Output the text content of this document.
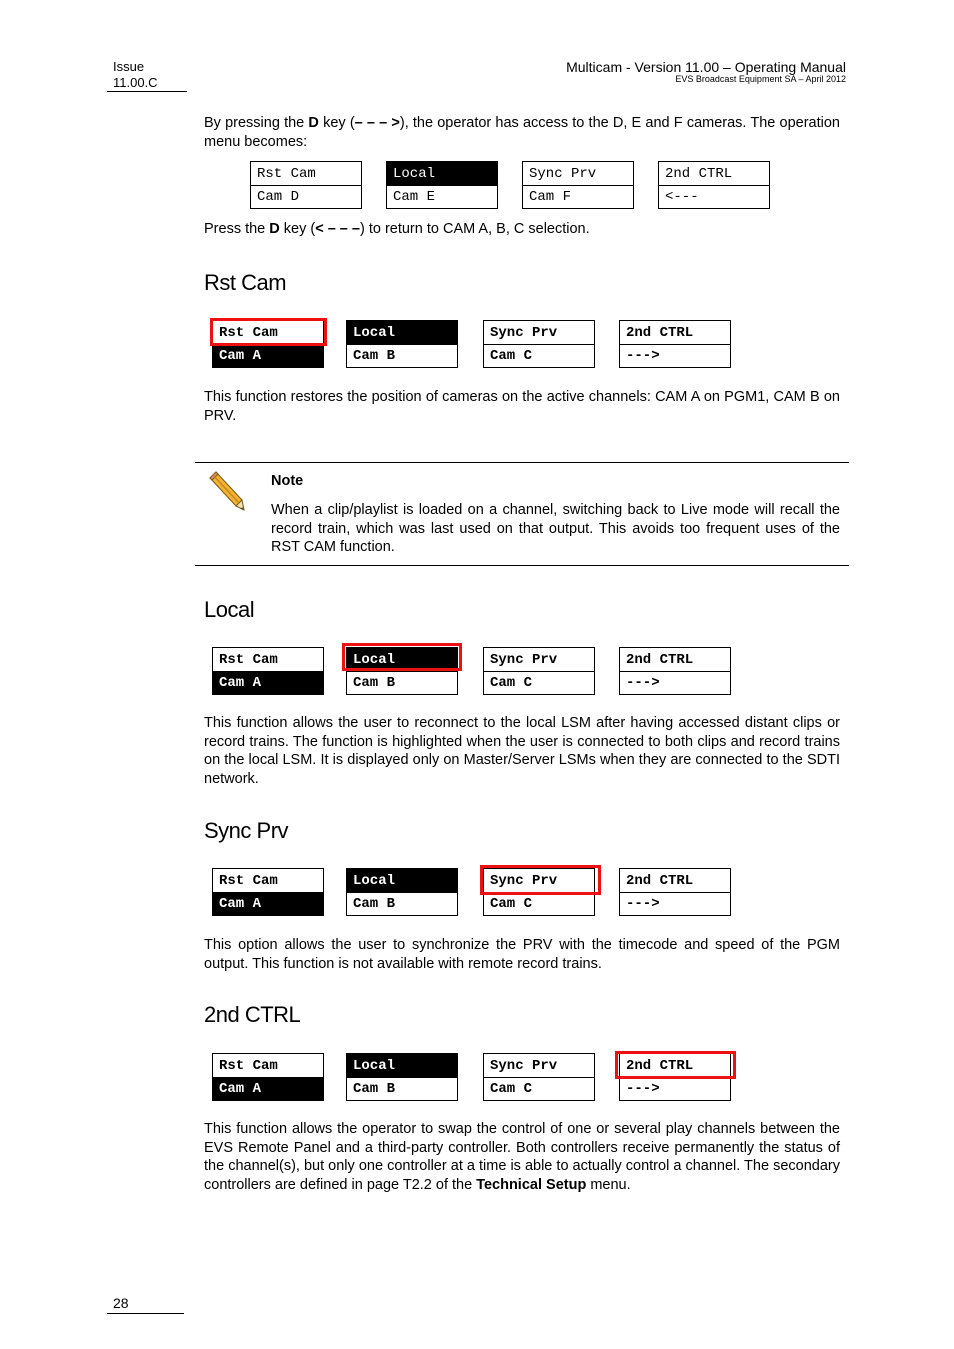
Issue
11.00.C
Multicam - Version 11.00 – Operating Manual
EVS Broadcast Equipment SA – April 2012
By pressing the D key (– – – >), the operator has access to the D, E and F cameras. The operation menu becomes:
Rst Cam
Cam D
Local
Cam E
Sync Prv
Cam F
2nd CTRL
<---
Press the D key (< – – –) to return to CAM A, B, C selection.
Rst Cam
Rst Cam
Cam A
Local
Cam B
Sync Prv
Cam C
2nd CTRL
--->
This function restores the position of cameras on the active channels: CAM A on PGM1, CAM B on PRV.
Note
When a clip/playlist is loaded on a channel, switching back to Live mode will recall the record train, which was last used on that output. This avoids too frequent uses of the RST CAM function.
Local
Rst Cam
Cam A
Local
Cam B
Sync Prv
Cam C
2nd CTRL
--->
This function allows the user to reconnect to the local LSM after having accessed distant clips or record trains. The function is highlighted when the user is connected to both clips and record trains on the local LSM. It is displayed only on Master/Server LSMs when they are connected to the SDTI network.
Sync Prv
Rst Cam
Cam A
Local
Cam B
Sync Prv
Cam C
2nd CTRL
--->
This option allows the user to synchronize the PRV with the timecode and speed of the PGM output. This function is not available with remote record trains.
2nd CTRL
Rst Cam
Cam A
Local
Cam B
Sync Prv
Cam C
2nd CTRL
--->
This function allows the operator to swap the control of one or several play channels between the EVS Remote Panel and a third-party controller. Both controllers receive permanently the status of the channel(s), but only one controller at a time is able to actually control a channel. The secondary controllers are defined in page T2.2 of the Technical Setup menu.
28
